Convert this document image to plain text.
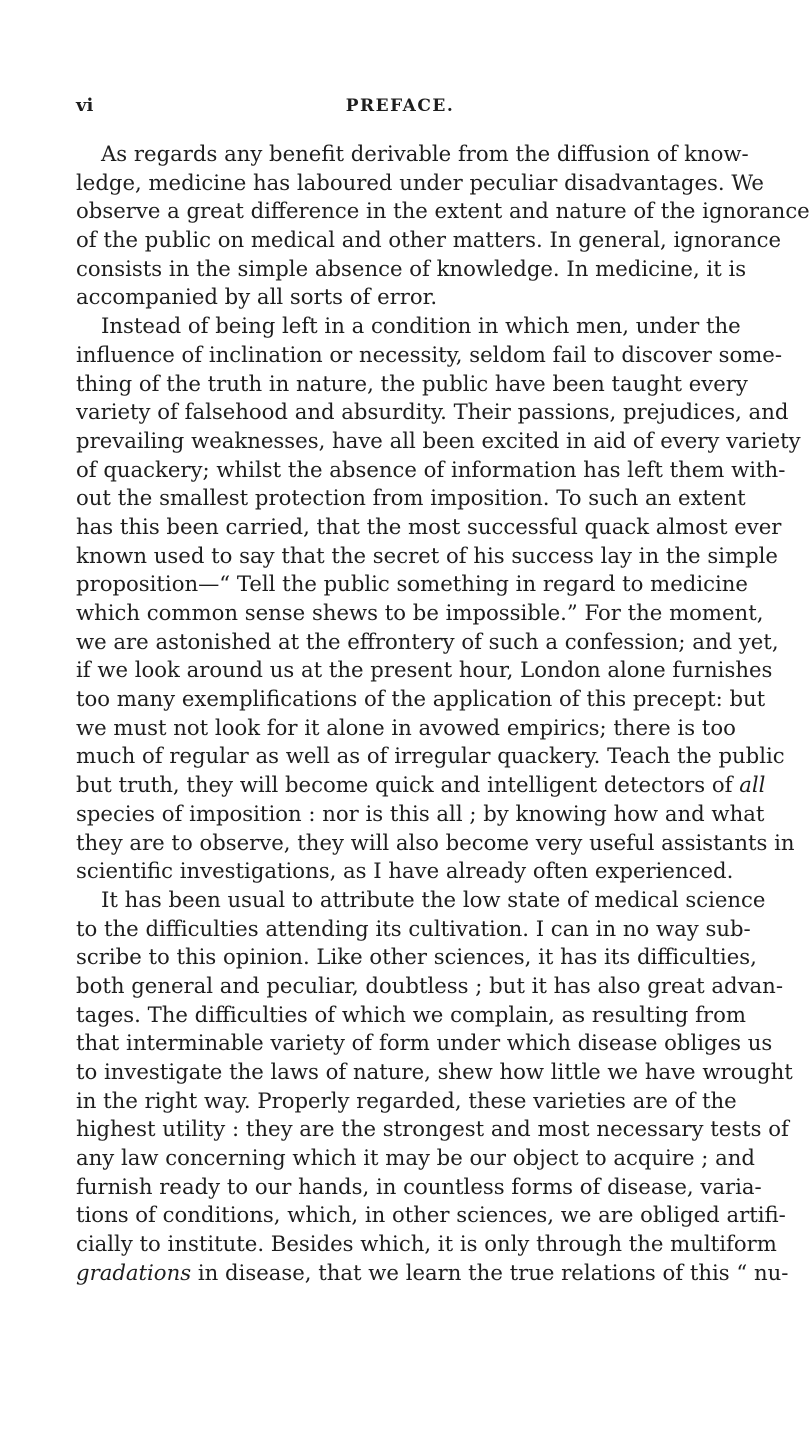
vi	PREFACE.
As regards any benefit derivable from the diffusion of know-
ledge, medicine has laboured under peculiar disadvantages. We
observe a great difference in the extent and nature of the ignorance
of the public on medical and other matters. In general, ignorance
consists in the simple absence of knowledge. In medicine, it is
accompanied by all sorts of error.
Instead of being left in a condition in which men, under the
influence of inclination or necessity, seldom fail to discover some-
thing of the truth in nature, the public have been taught every
variety of falsehood and absurdity. Their passions, prejudices, and
prevailing weaknesses, have all been excited in aid of every variety
of quackery; whilst the absence of information has left them with-
out the smallest protection from imposition. To such an extent
has this been carried, that the most successful quack almost ever
known used to say that the secret of his success lay in the simple
proposition—“ Tell the public something in regard to medicine
which common sense shews to be impossible.” For the moment,
we are astonished at the effrontery of such a confession; and yet,
if we look around us at the present hour, London alone furnishes
too many exemplifications of the application of this precept: but
we must not look for it alone in avowed empirics; there is too
much of regular as well as of irregular quackery. Teach the public
but truth, they will become quick and intelligent detectors of all
species of imposition : nor is this all ; by knowing how and what
they are to observe, they will also become very useful assistants in
scientific investigations, as I have already often experienced.
It has been usual to attribute the low state of medical science
to the difficulties attending its cultivation. I can in no way sub-
scribe to this opinion. Like other sciences, it has its difficulties,
both general and peculiar, doubtless ; but it has also great advan-
tages. The difficulties of which we complain, as resulting from
that interminable variety of form under which disease obliges us
to investigate the laws of nature, shew how little we have wrought
in the right way. Properly regarded, these varieties are of the
highest utility : they are the strongest and most necessary tests of
any law concerning which it may be our object to acquire ; and
furnish ready to our hands, in countless forms of disease, varia-
tions of conditions, which, in other sciences, we are obliged artifi-
cially to institute. Besides which, it is only through the multiform
gradations in disease, that we learn the true relations of this “ nu-
